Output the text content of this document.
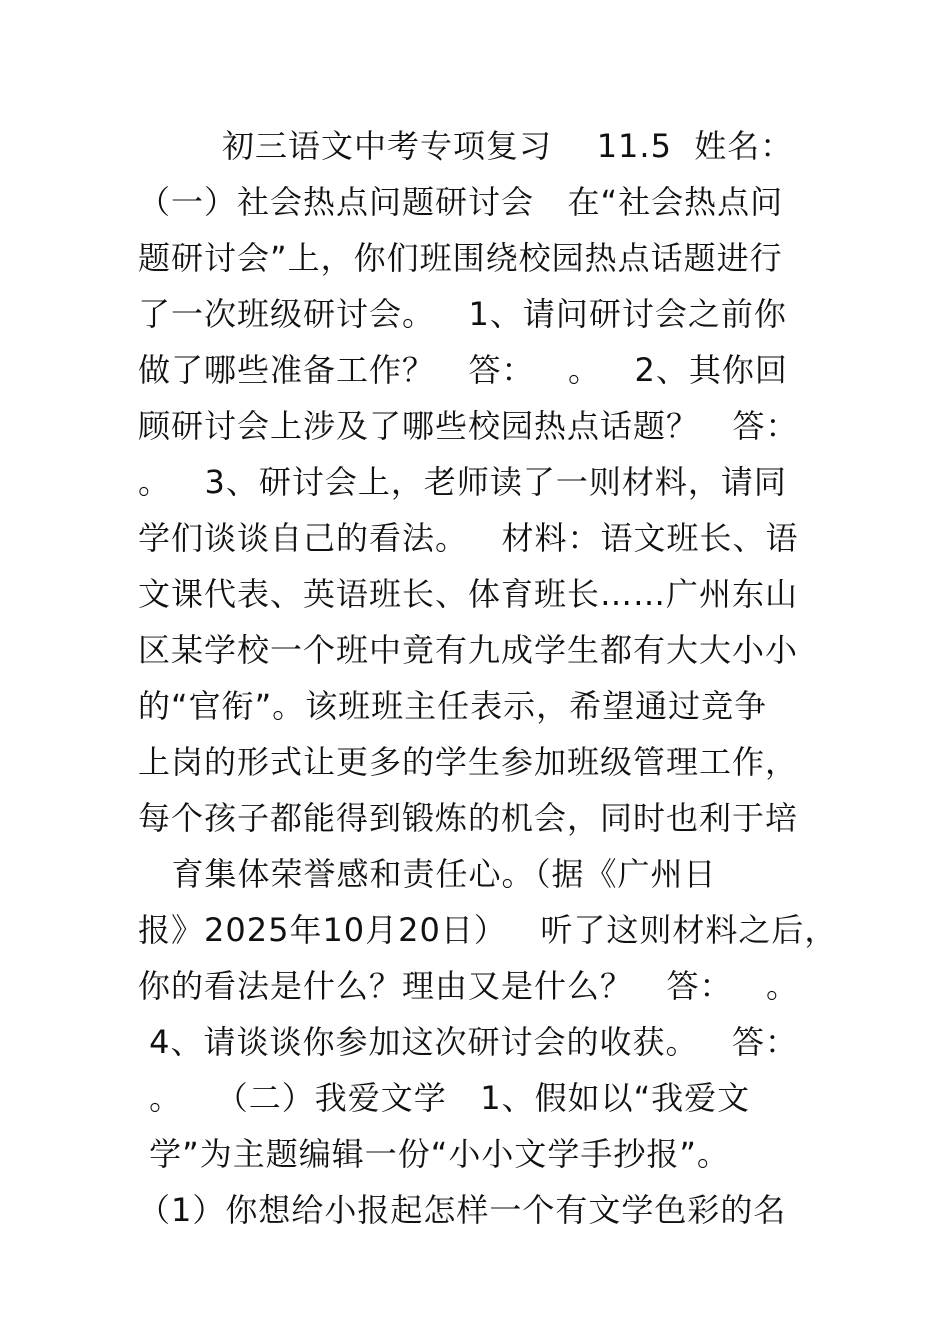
初三语文中考专项复习    11.5  姓名：
（一）社会热点问题研讨会   在“社会热点问
题研讨会”上，你们班围绕校园热点话题进行
了一次班级研讨会。   1、请问研讨会之前你
做了哪些准备工作？   答：   。   2、其你回
顾研讨会上涉及了哪些校园热点话题？   答：
。   3、研讨会上，老师读了一则材料，请同
学们谈谈自己的看法。   材料：语文班长、语
文课代表、英语班长、体育班长……广州东山
区某学校一个班中竟有九成学生都有大大小小
的“官衔”。该班班主任表示，希望通过竞争
上岗的形式让更多的学生参加班级管理工作，
每个孩子都能得到锻炼的机会，同时也利于培
育集体荣誉感和责任心。（据《广州日
报》2025年10月20日）   听了这则材料之后，
你的看法是什么？理由又是什么？   答：   。
4、请谈谈你参加这次研讨会的收获。   答：
。   （二）我爱文学   1、假如以“我爱文
学”为主题编辑一份“小小文学手抄报”。
（1）你想给小报起怎样一个有文学色彩的名
